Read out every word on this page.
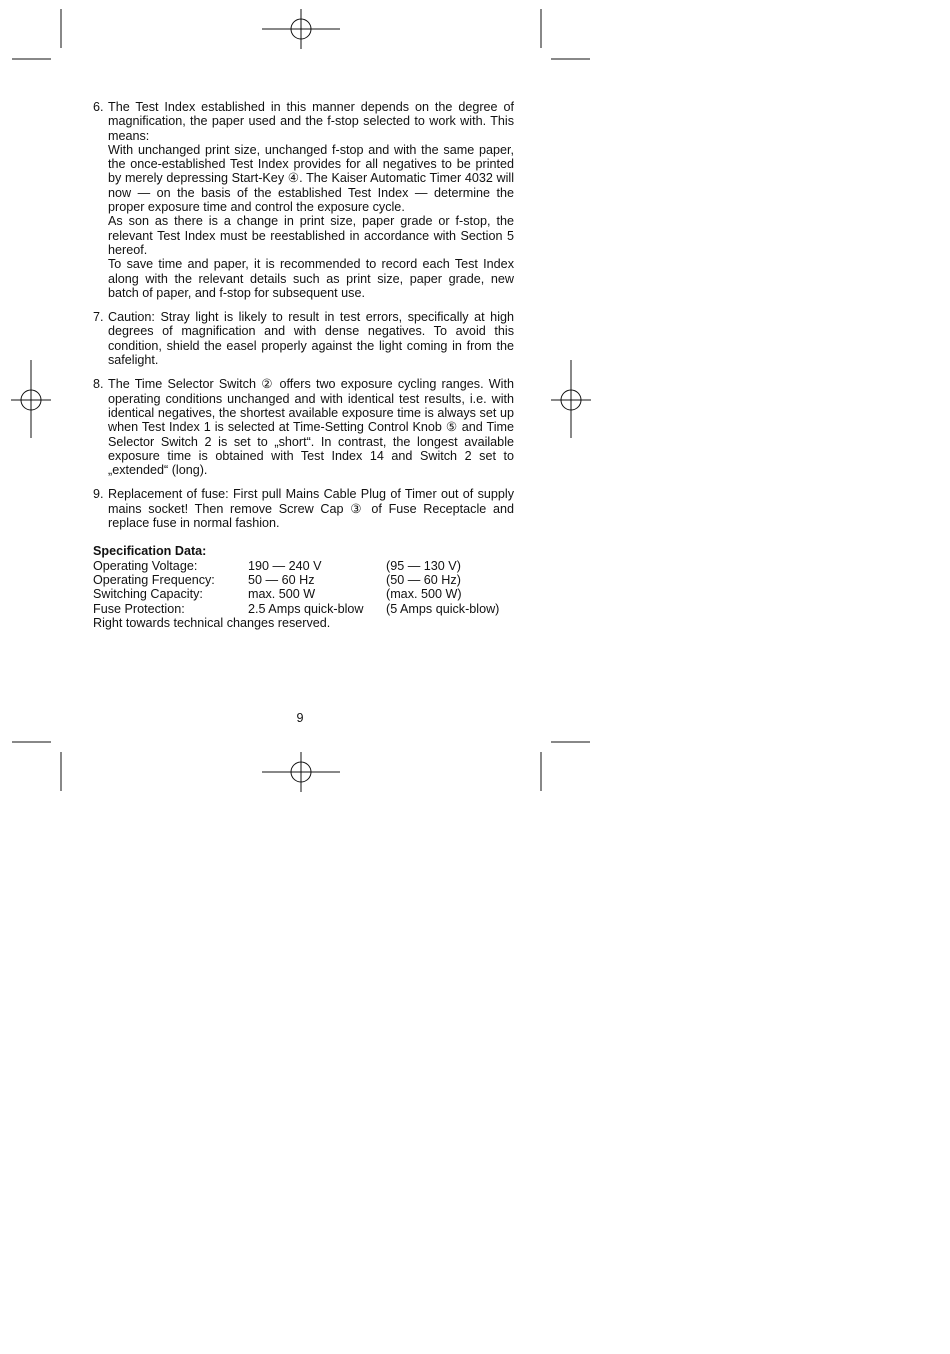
6. The Test Index established in this manner depends on the degree of magnification, the paper used and the f-stop selected to work with. This means:
With unchanged print size, unchanged f-stop and with the same paper, the once-established Test Index provides for all negatives to be printed by merely depressing Start-Key ④. The Kaiser Automatic Timer 4032 will now — on the basis of the established Test Index — determine the proper exposure time and control the exposure cycle.
As son as there is a change in print size, paper grade or f-stop, the relevant Test Index must be reestablished in accordance with Section 5 hereof.
To save time and paper, it is recommended to record each Test Index along with the relevant details such as print size, paper grade, new batch of paper, and f-stop for subsequent use.
7. Caution: Stray light is likely to result in test errors, specifically at high degrees of magnification and with dense negatives. To avoid this condition, shield the easel properly against the light coming in from the safelight.
8. The Time Selector Switch ② offers two exposure cycling ranges. With operating conditions unchanged and with identical test results, i.e. with identical negatives, the shortest available exposure time is always set up when Test Index 1 is selected at Time-Setting Control Knob ⑤ and Time Selector Switch 2 is set to „short“. In contrast, the longest available exposure time is obtained with Test Index 14 and Switch 2 set to „extended“ (long).
9. Replacement of fuse: First pull Mains Cable Plug of Timer out of supply mains socket! Then remove Screw Cap ③ of Fuse Receptacle and replace fuse in normal fashion.
Specification Data:
Operating Voltage:	190 — 240 V	(95 — 130 V)
Operating Frequency:	50 — 60 Hz	(50 — 60 Hz)
Switching Capacity:	max. 500 W	(max. 500 W)
Fuse Protection:	2.5 Amps quick-blow	(5 Amps quick-blow)
Right towards technical changes reserved.
9
